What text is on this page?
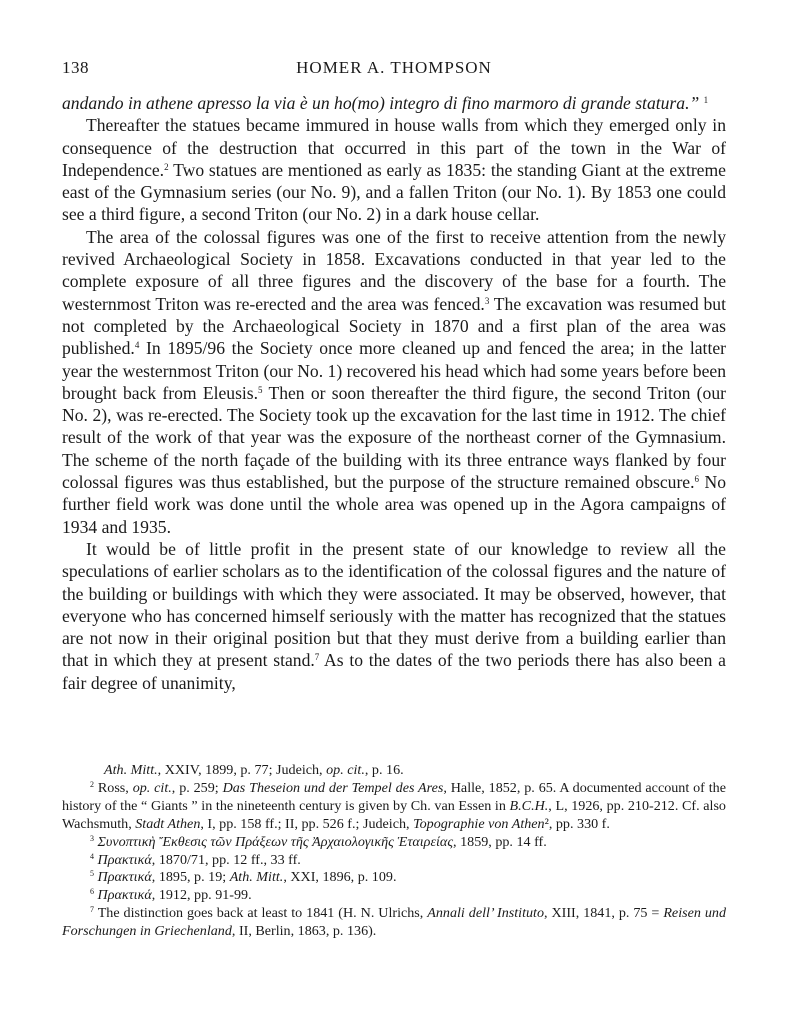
138	HOMER A. THOMPSON

andando in athene apresso la via è un ho(mo) integro di fino marmoro di grande statura.” $^1$

Thereafter the statues became immured in house walls from which they emerged only in consequence of the destruction that occurred in this part of the town in the War of Independence.$^2$ Two statues are mentioned as early as 1835: the standing Giant at the extreme east of the Gymnasium series (our No. 9), and a fallen Triton (our No. 1). By 1853 one could see a third figure, a second Triton (our No. 2) in a dark house cellar.

The area of the colossal figures was one of the first to receive attention from the newly revived Archaeological Society in 1858. Excavations conducted in that year led to the complete exposure of all three figures and the discovery of the base for a fourth. The westernmost Triton was re-erected and the area was fenced.$^3$ The excavation was resumed but not completed by the Archaeological Society in 1870 and a first plan of the area was published.$^4$ In 1895/96 the Society once more cleaned up and fenced the area; in the latter year the westernmost Triton (our No. 1) recovered his head which had some years before been brought back from Eleusis.$^5$ Then or soon thereafter the third figure, the second Triton (our No. 2), was re-erected. The Society took up the excavation for the last time in 1912. The chief result of the work of that year was the exposure of the northeast corner of the Gymnasium. The scheme of the north façade of the building with its three entrance ways flanked by four colossal figures was thus established, but the purpose of the structure remained obscure.$^6$ No further field work was done until the whole area was opened up in the Agora campaigns of 1934 and 1935.

It would be of little profit in the present state of our knowledge to review all the speculations of earlier scholars as to the identification of the colossal figures and the nature of the building or buildings with which they were associated. It may be observed, however, that everyone who has concerned himself seriously with the matter has recognized that the statues are not now in their original position but that they must derive from a building earlier than that in which they at present stand.$^7$ As to the dates of the two periods there has also been a fair degree of unanimity,

Ath. Mitt., XXIV, 1899, p. 77; Judeich, op. cit., p. 16.

$^2$ Ross, op. cit., p. 259; Das Theseion und der Tempel des Ares, Halle, 1852, p. 65. A documented account of the history of the “ Giants ” in the nineteenth century is given by Ch. van Essen in B.C.H., L, 1926, pp. 210-212. Cf. also Wachsmuth, Stadt Athen, I, pp. 158 ff.; II, pp. 526 f.; Judeich, Topographie von Athen², pp. 330 f.

$^3$ Συνοπτικὴ Ἔκθεσις τῶν Πράξεων τῆς Ἀρχαιολογικῆς Ἑταιρείας, 1859, pp. 14 ff.

$^4$ Πρακτικά, 1870/71, pp. 12 ff., 33 ff.

$^5$ Πρακτικά, 1895, p. 19; Ath. Mitt., XXI, 1896, p. 109.

$^6$ Πρακτικά, 1912, pp. 91-99.

$^7$ The distinction goes back at least to 1841 (H. N. Ulrichs, Annali dell’ Instituto, XIII, 1841, p. 75 = Reisen und Forschungen in Griechenland, II, Berlin, 1863, p. 136).
